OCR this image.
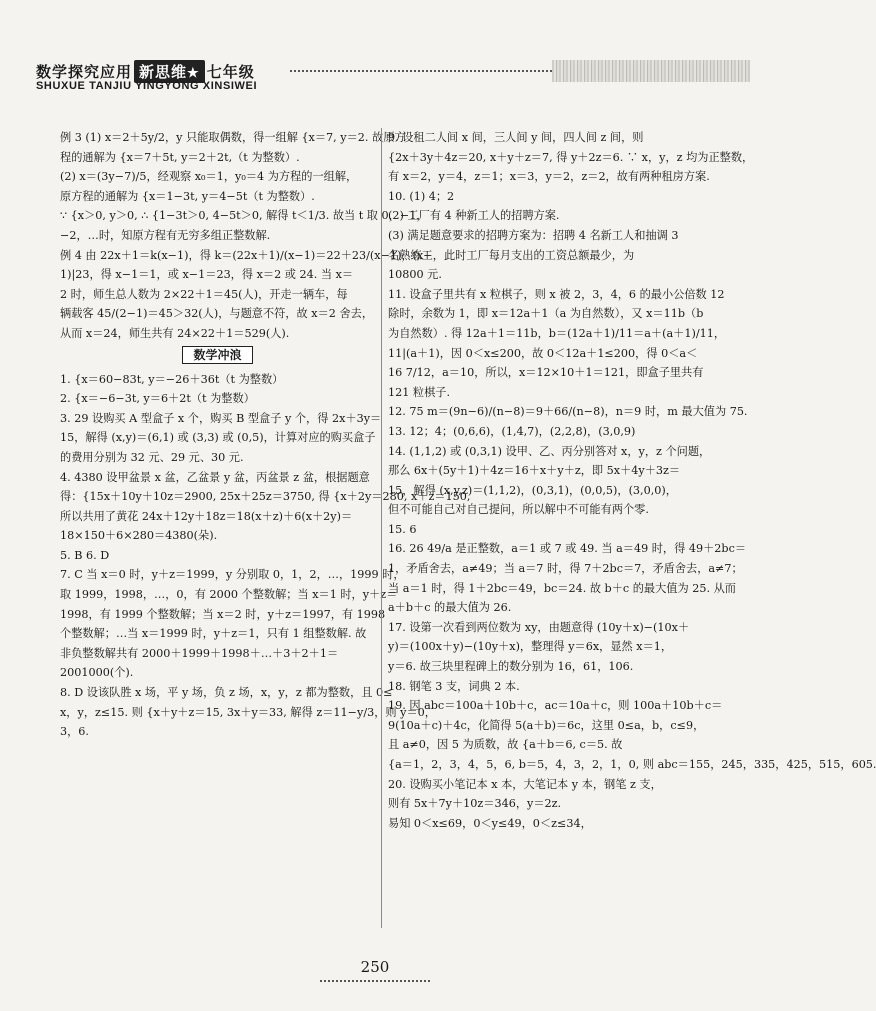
数学探究应用 新思维★ 七年级
SHUXUE TANJIU YINGYONG XINSIWEI
例 3 (1) x＝2＋5y/2，y 只能取偶数，得一组解 {x＝7, y＝2. 故原方
程的通解为 {x＝7＋5t, y＝2＋2t,（t 为整数）.
(2) x＝(3y−7)/5，经观察 x₀＝1，y₀＝4 为方程的一组解，
原方程的通解为 {x＝1−3t, y＝4−5t（t 为整数）.
∵ {x＞0, y＞0, ∴ {1−3t＞0, 4−5t＞0, 解得 t＜1/3. 故当 t 取 0，−1，
−2，…时，知原方程有无穷多组正整数解.
例 4 由 22x＋1＝k(x−1)，得 k＝(22x＋1)/(x−1)＝22＋23/(x−1)，(x−
1)|23，得 x−1＝1，或 x−1＝23，得 x＝2 或 24. 当 x＝
2 时，师生总人数为 2×22＋1＝45(人)，开走一辆车，每
辆载客 45/(2−1)＝45＞32(人)，与题意不符，故 x＝2 舍去，
从而 x＝24，师生共有 24×22＋1＝529(人).
数学冲浪
1. {x＝60−83t, y＝−26＋36t（t 为整数）
2. {x＝−6−3t, y＝6＋2t（t 为整数）
3. 29 设购买 A 型盒子 x 个，购买 B 型盒子 y 个，得 2x＋3y＝
15，解得 (x,y)＝(6,1) 或 (3,3) 或 (0,5)，计算对应的购买盒子
的费用分别为 32 元、29 元、30 元.
4. 4380 设甲盆景 x 盆，乙盆景 y 盆，丙盆景 z 盆，根据题意
得：{15x＋10y＋10z＝2900, 25x＋25z＝3750, 得 {x＋2y＝280, x＋z＝150,
所以共用了黄花 24x＋12y＋18z＝18(x＋z)＋6(x＋2y)＝
18×150＋6×280＝4380(朵).
5. B 6. D
7. C 当 x＝0 时，y＋z＝1999，y 分别取 0，1，2，…，1999 时，
取 1999，1998，…，0，有 2000 个整数解；当 x＝1 时，y＋z＝
1998，有 1999 个整数解；当 x＝2 时，y＋z＝1997，有 1998
个整数解；…当 x＝1999 时，y＋z＝1，只有 1 组整数解. 故
非负整数解共有 2000＋1999＋1998＋…＋3＋2＋1＝
2001000(个).
8. D 设该队胜 x 场，平 y 场，负 z 场，x，y，z 都为整数，且 0≤
x，y，z≤15. 则 {x＋y＋z＝15, 3x＋y＝33, 解得 z＝11−y/3，则 y＝0，
3，6.
9. 设租二人间 x 间，三人间 y 间，四人间 z 间，则
{2x＋3y＋4z＝20, x＋y＋z＝7, 得 y＋2z＝6. ∵ x，y，z 均为正整数，
有 x＝2，y＝4，z＝1；x＝3，y＝2，z＝2，故有两种租房方案.
10. (1) 4；2
(2) 工厂有 4 种新工人的招聘方案.
(3) 满足题意要求的招聘方案为：招聘 4 名新工人和抽调 3
名熟练工，此时工厂每月支出的工资总额最少，为
10800 元.
11. 设盒子里共有 x 粒棋子，则 x 被 2，3，4，6 的最小公倍数 12
除时，余数为 1，即 x＝12a＋1（a 为自然数），又 x＝11b（b
为自然数）. 得 12a＋1＝11b，b＝(12a＋1)/11＝a＋(a＋1)/11，
11|(a＋1)，因 0＜x≤200，故 0＜12a＋1≤200，得 0＜a＜
16 7/12，a＝10，所以，x＝12×10＋1＝121，即盒子里共有
121 粒棋子.
12. 75 m＝(9n−6)/(n−8)＝9＋66/(n−8)，n＝9 时，m 最大值为 75.
13. 12；4；(0,6,6)，(1,4,7)，(2,2,8)，(3,0,9)
14. (1,1,2) 或 (0,3,1) 设甲、乙、丙分别答对 x，y，z 个问题，
那么 6x＋(5y＋1)＋4z＝16＋x＋y＋z，即 5x＋4y＋3z＝
15，解得 (x,y,z)＝(1,1,2)，(0,3,1)，(0,0,5)，(3,0,0)，
但不可能自己对自己提问，所以解中不可能有两个零.
15. 6
16. 26 49/a 是正整数，a＝1 或 7 或 49. 当 a＝49 时，得 49＋2bc＝
1，矛盾舍去，a≠49；当 a＝7 时，得 7＋2bc＝7，矛盾舍去，a≠7；
当 a＝1 时，得 1＋2bc＝49，bc＝24. 故 b＋c 的最大值为 25. 从而
a＋b＋c 的最大值为 26.
17. 设第一次看到两位数为 xy，由题意得 (10y＋x)−(10x＋
y)＝(100x＋y)−(10y＋x)，整理得 y＝6x，显然 x＝1，
y＝6. 故三块里程碑上的数分别为 16，61，106.
18. 钢笔 3 支，词典 2 本.
19. 因 abc＝100a＋10b＋c，ac＝10a＋c，则 100a＋10b＋c＝
9(10a＋c)＋4c，化简得 5(a＋b)＝6c，这里 0≤a，b，c≤9，
且 a≠0，因 5 为质数，故 {a＋b＝6, c＝5. 故
{a＝1，2，3，4，5，6, b＝5，4，3，2，1，0, 则 abc＝155，245，335，425，515，605.
20. 设购买小笔记本 x 本，大笔记本 y 本，钢笔 z 支，
则有 5x＋7y＋10z＝346，y＝2z.
易知 0＜x≤69，0＜y≤49，0＜z≤34，
250
